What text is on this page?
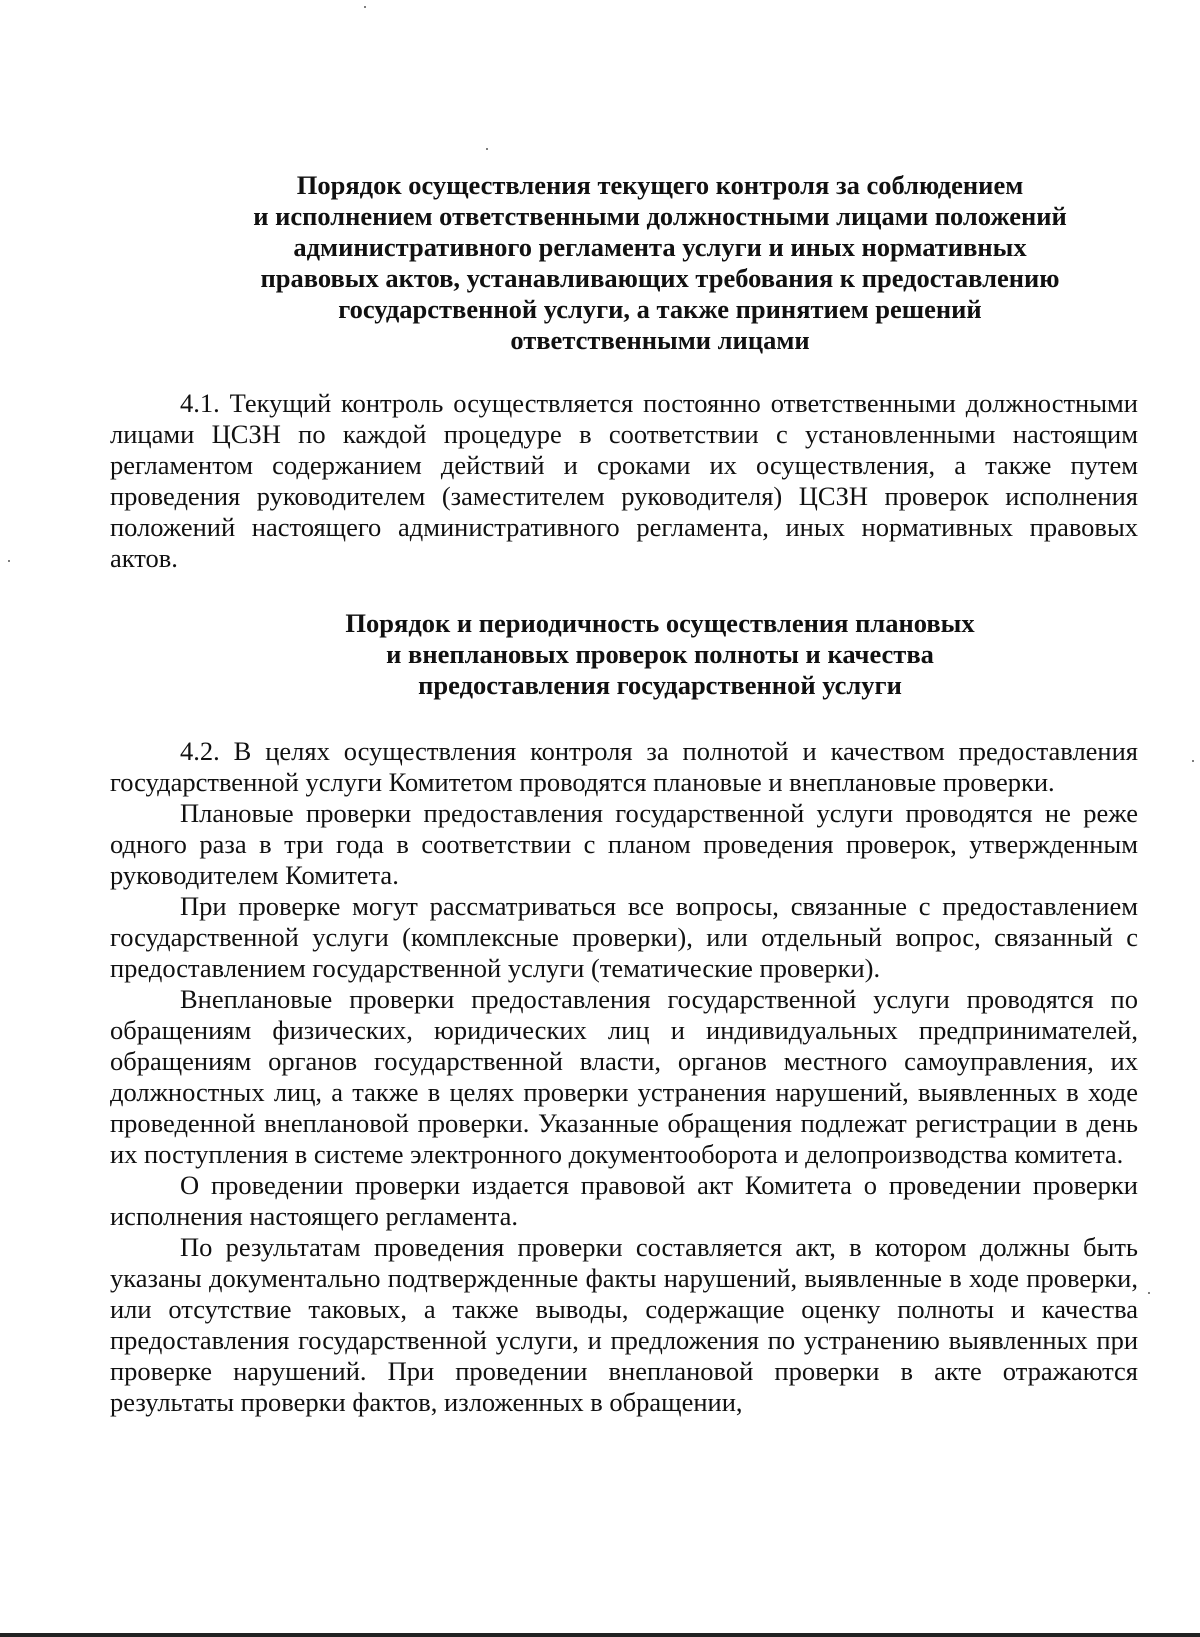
Порядок осуществления текущего контроля за соблюдением
и исполнением ответственными должностными лицами положений
административного регламента услуги и иных нормативных
правовых актов, устанавливающих требования к предоставлению
государственной услуги, а также принятием решений
ответственными лицами

4.1. Текущий контроль осуществляется постоянно ответственными должностными лицами ЦСЗН по каждой процедуре в соответствии с установленными настоящим регламентом содержанием действий и сроками их осуществления, а также путем проведения руководителем (заместителем руководителя) ЦСЗН проверок исполнения положений настоящего административного регламента, иных нормативных правовых актов.

Порядок и периодичность осуществления плановых
и внеплановых проверок полноты и качества
предоставления государственной услуги

4.2. В целях осуществления контроля за полнотой и качеством предоставления государственной услуги Комитетом проводятся плановые и внеплановые проверки.

Плановые проверки предоставления государственной услуги проводятся не реже одного раза в три года в соответствии с планом проведения проверок, утвержденным руководителем Комитета.

При проверке могут рассматриваться все вопросы, связанные с предоставлением государственной услуги (комплексные проверки), или отдельный вопрос, связанный с предоставлением государственной услуги (тематические проверки).

Внеплановые проверки предоставления государственной услуги проводятся по обращениям физических, юридических лиц и индивидуальных предпринимателей, обращениям органов государственной власти, органов местного самоуправления, их должностных лиц, а также в целях проверки устранения нарушений, выявленных в ходе проведенной внеплановой проверки. Указанные обращения подлежат регистрации в день их поступления в системе электронного документооборота и делопроизводства комитета.

О проведении проверки издается правовой акт Комитета о проведении проверки исполнения настоящего регламента.

По результатам проведения проверки составляется акт, в котором должны быть указаны документально подтвержденные факты нарушений, выявленные в ходе проверки, или отсутствие таковых, а также выводы, содержащие оценку полноты и качества предоставления государственной услуги, и предложения по устранению выявленных при проверке нарушений. При проведении внеплановой проверки в акте отражаются результаты проверки фактов, изложенных в обращении,
